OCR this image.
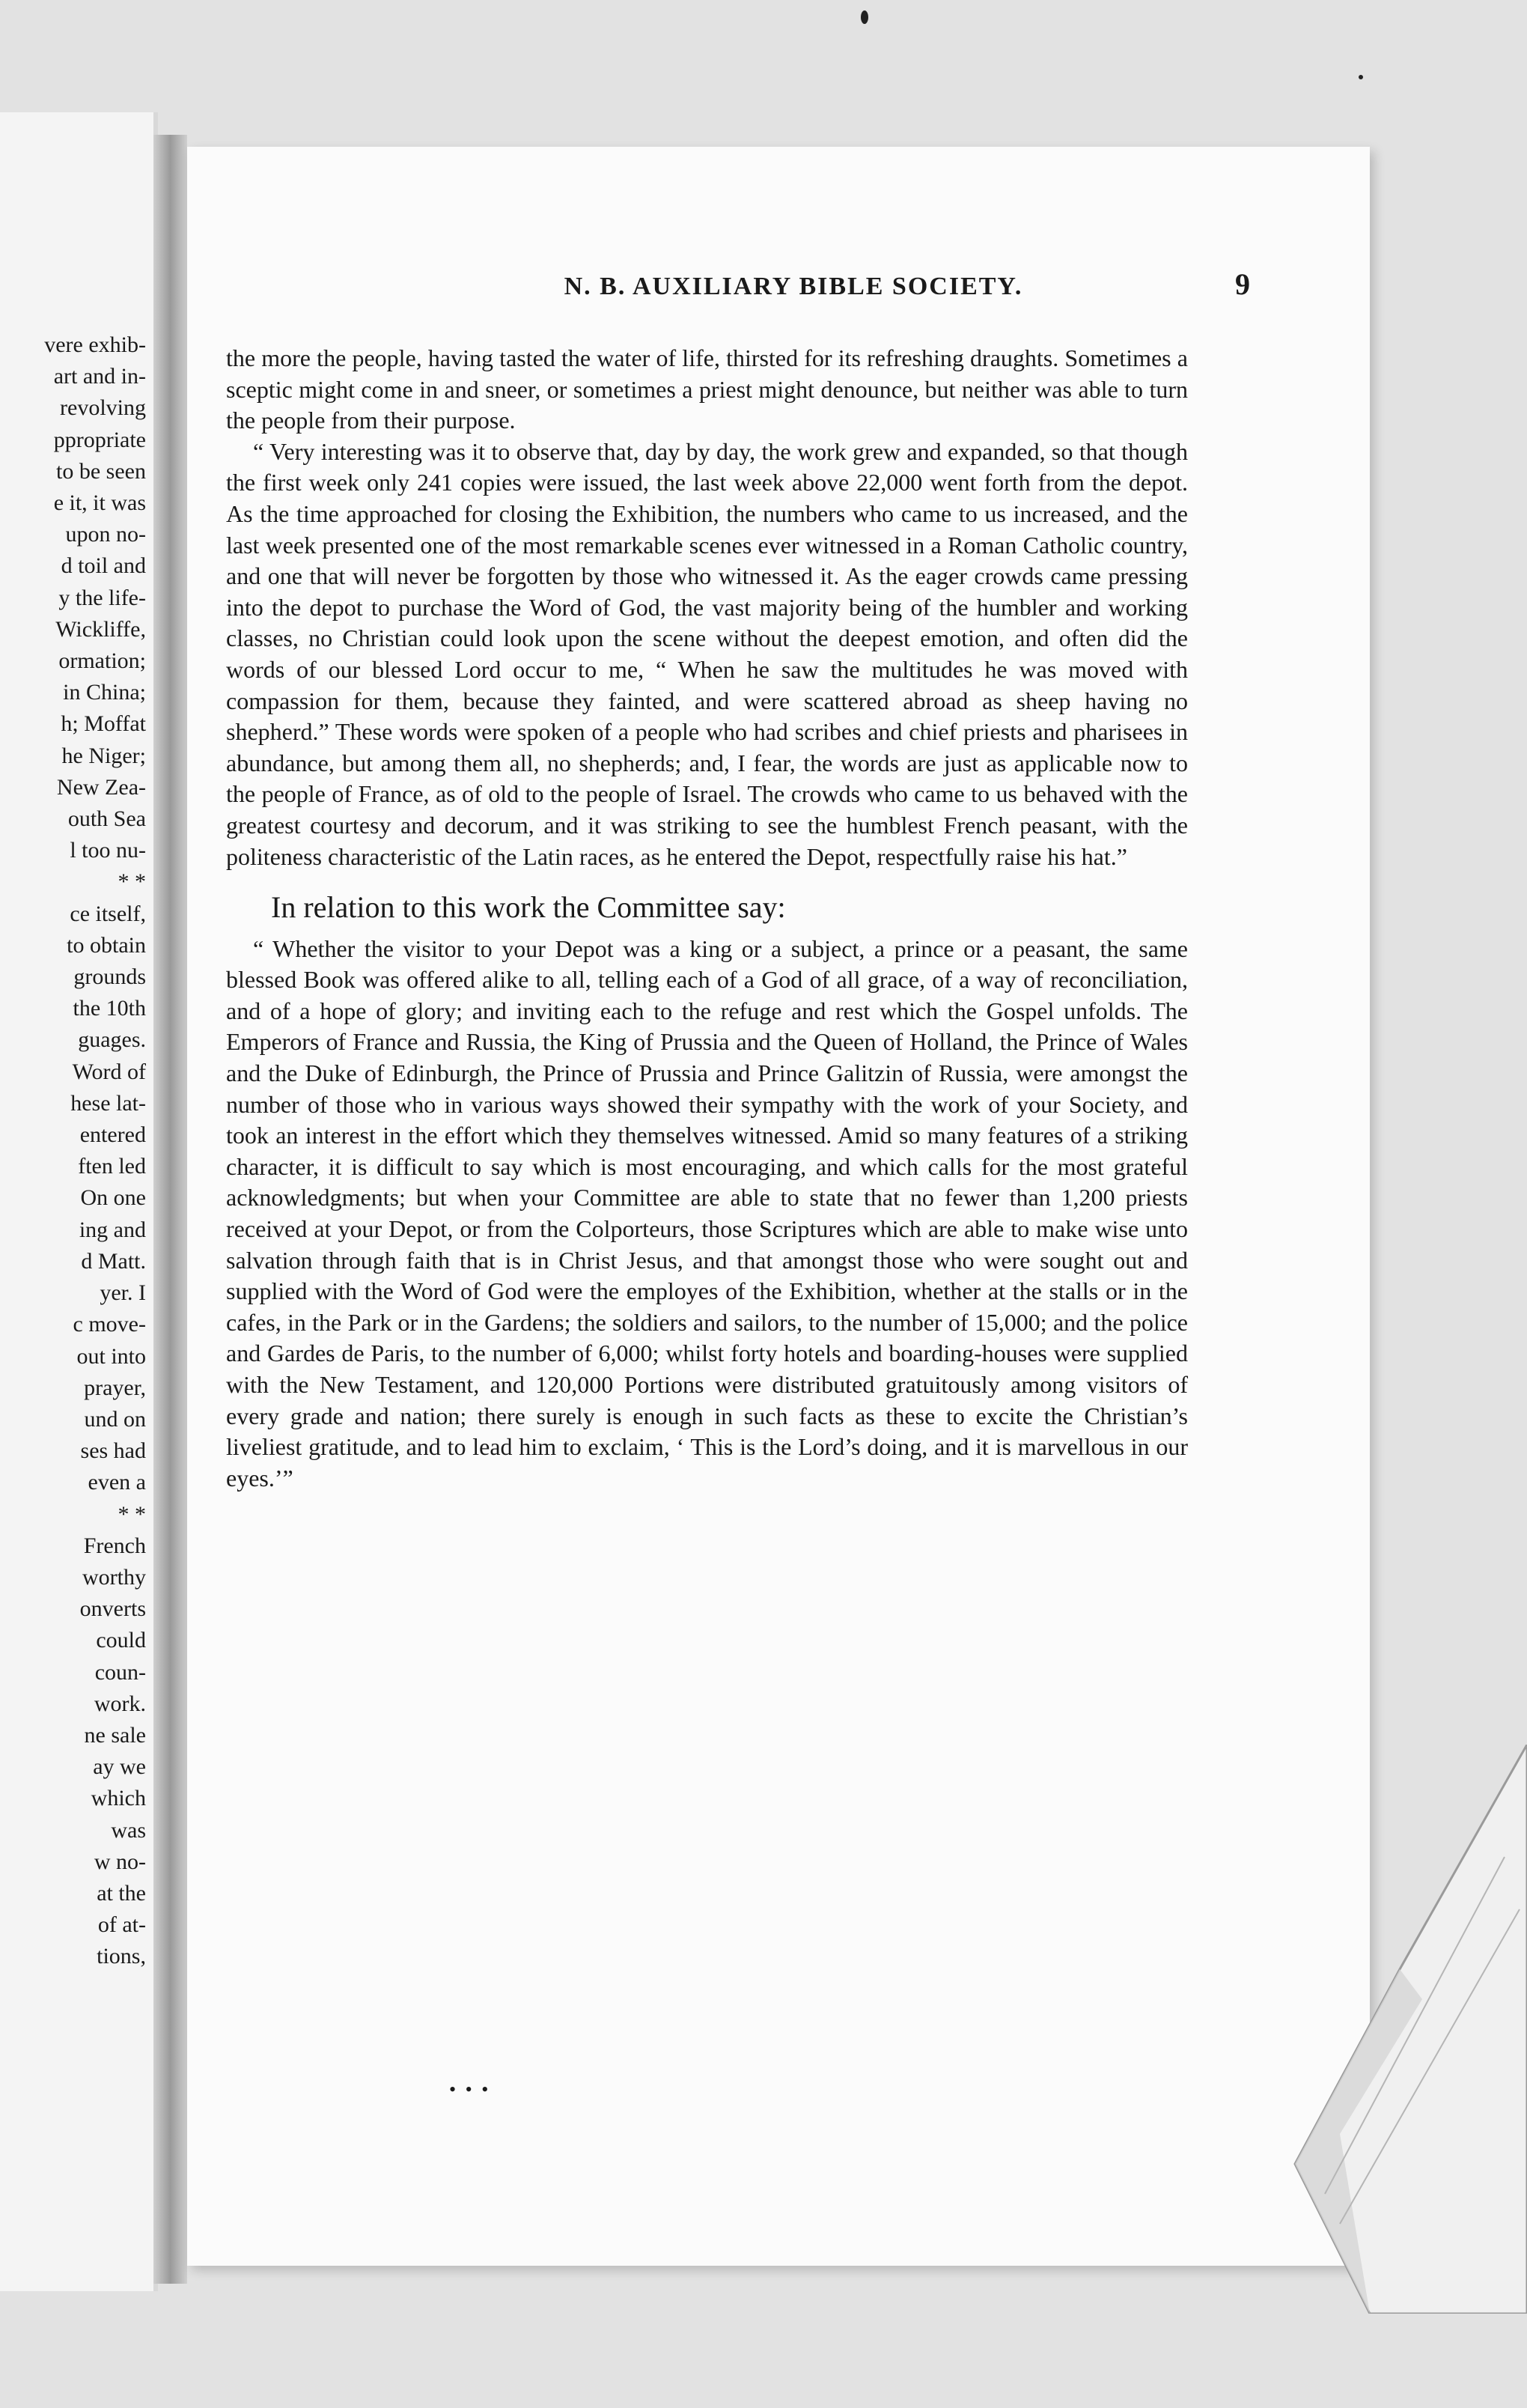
vere exhib-
art and in-
revolving
ppropriate
to be seen
e it, it was
upon no-
d toil and
y the life-
Wickliffe,
ormation;
in China;
h; Moffat
he Niger;
New Zea-
outh Sea
l too nu-
* *
ce itself,
to obtain
grounds
the 10th
guages.
Word of
hese lat-
entered
ften led
On one
ing and
d Matt.
yer. I
c move-
out into
prayer,
und on
ses had
even a
* *
French
worthy
onverts
could
coun-
work.
ne sale
ay we
which
was
w no-
at the
of at-
tions,
N. B. AUXILIARY BIBLE SOCIETY.	9

the more the people, having tasted the water of life, thirsted for its refreshing draughts. Sometimes a sceptic might come in and sneer, or sometimes a priest might denounce, but neither was able to turn the people from their purpose.

“ Very interesting was it to observe that, day by day, the work grew and expanded, so that though the first week only 241 copies were issued, the last week above 22,000 went forth from the depot. As the time approached for closing the Exhibition, the numbers who came to us increased, and the last week presented one of the most remarkable scenes ever witnessed in a Roman Catholic country, and one that will never be forgotten by those who witnessed it. As the eager crowds came pressing into the depot to purchase the Word of God, the vast majority being of the humbler and working classes, no Christian could look upon the scene without the deepest emotion, and often did the words of our blessed Lord occur to me, “ When he saw the multitudes he was moved with compassion for them, because they fainted, and were scattered abroad as sheep having no shepherd.” These words were spoken of a people who had scribes and chief priests and pharisees in abundance, but among them all, no shepherds; and, I fear, the words are just as applicable now to the people of France, as of old to the people of Israel. The crowds who came to us behaved with the greatest courtesy and decorum, and it was striking to see the humblest French peasant, with the politeness characteristic of the Latin races, as he entered the Depot, respectfully raise his hat.”

In relation to this work the Committee say:

“ Whether the visitor to your Depot was a king or a subject, a prince or a peasant, the same blessed Book was offered alike to all, telling each of a God of all grace, of a way of reconciliation, and of a hope of glory; and inviting each to the refuge and rest which the Gospel unfolds. The Emperors of France and Russia, the King of Prussia and the Queen of Holland, the Prince of Wales and the Duke of Edinburgh, the Prince of Prussia and Prince Galitzin of Russia, were amongst the number of those who in various ways showed their sympathy with the work of your Society, and took an interest in the effort which they themselves witnessed. Amid so many features of a striking character, it is difficult to say which is most encouraging, and which calls for the most grateful acknowledgments; but when your Committee are able to state that no fewer than 1,200 priests received at your Depot, or from the Colporteurs, those Scriptures which are able to make wise unto salvation through faith that is in Christ Jesus, and that amongst those who were sought out and supplied with the Word of God were the employes of the Exhibition, whether at the stalls or in the cafes, in the Park or in the Gardens; the soldiers and sailors, to the number of 15,000; and the police and Gardes de Paris, to the number of 6,000; whilst forty hotels and boarding-houses were supplied with the New Testament, and 120,000 Portions were distributed gratuitously among visitors of every grade and nation; there surely is enough in such facts as these to excite the Christian’s liveliest gratitude, and to lead him to exclaim, ‘ This is the Lord’s doing, and it is marvellous in our eyes.’”

• • •
